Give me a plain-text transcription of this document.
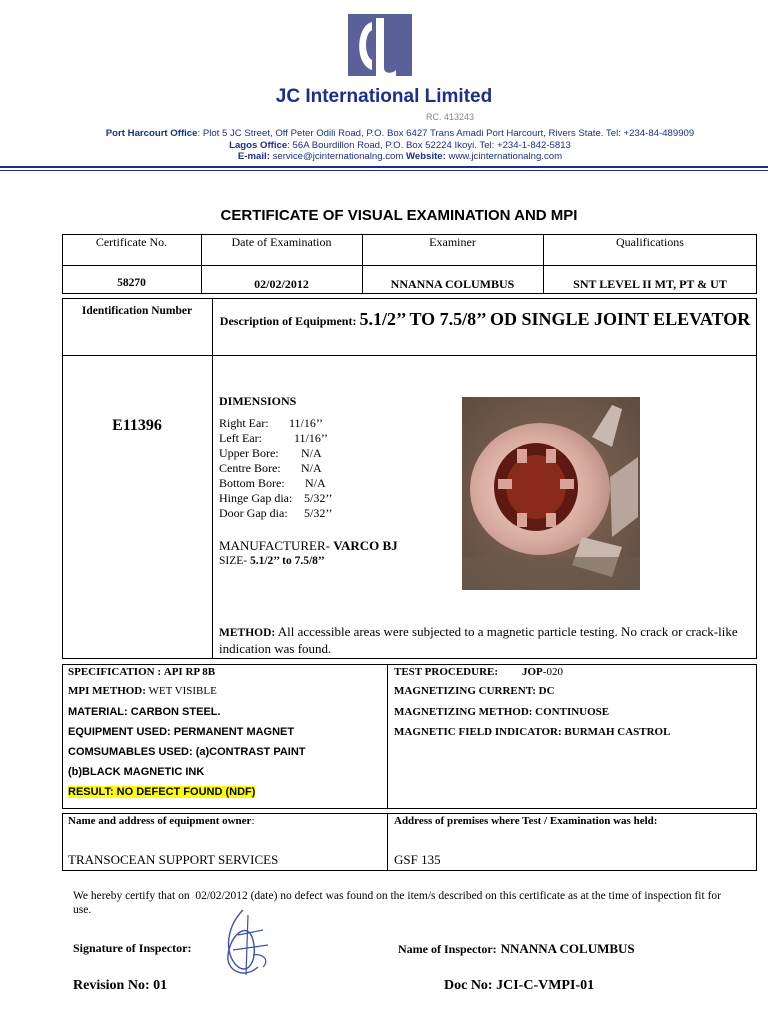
JC International Limited
RC. 413243
Port Harcourt Office: Plot 5 JC Street, Off Peter Odili Road, P.O. Box 6427 Trans Amadi Port Harcourt, Rivers State. Tel: +234-84-489909
Lagos Office: 56A Bourdillon Road, P.O. Box 52224 Ikoyi. Tel: +234-1-842-5813
E-mail: service@jcinternationalng.com Website: www.jcinternationalng.com
CERTIFICATE OF VISUAL EXAMINATION AND MPI
Certificate No.	Date of Examination	Examiner	Qualifications
58270	02/02/2012	NNANNA COLUMBUS	SNT LEVEL II MT, PT & UT
Identification Number
E11396
Description of Equipment: 5.1/2’’ TO 7.5/8’’ OD SINGLE JOINT ELEVATOR
DIMENSIONS
Right Ear: 11/16’’
Left Ear:	11/16’’
Upper Bore: N/A
Centre Bore: N/A
Bottom Bore: N/A
Hinge Gap dia: 5/32’’
Door Gap dia: 5/32’’
MANUFACTURER- VARCO BJ
SIZE- 5.1/2’’ to 7.5/8’’
METHOD: All accessible areas were subjected to a magnetic particle testing. No crack or crack-like indication was found.
SPECIFICATION : API RP 8B
MPI METHOD: WET VISIBLE
MATERIAL: CARBON STEEL.
EQUIPMENT USED: PERMANENT MAGNET
COMSUMABLES USED: (a)CONTRAST PAINT
(b)BLACK MAGNETIC INK
RESULT: NO DEFECT FOUND (NDF)
TEST PROCEDURE: JOP-020
MAGNETIZING CURRENT: DC
MAGNETIZING METHOD: CONTINUOSE
MAGNETIC FIELD INDICATOR: BURMAH CASTROL
Name and address of equipment owner:
TRANSOCEAN SUPPORT SERVICES
Address of premises where Test / Examination was held:
GSF 135
We hereby certify that on 02/02/2012 (date) no defect was found on the item/s described on this certificate as at the time of inspection fit for use.
Signature of Inspector:	Name of Inspector: NNANNA COLUMBUS
Revision No: 01	Doc No: JCI-C-VMPI-01
